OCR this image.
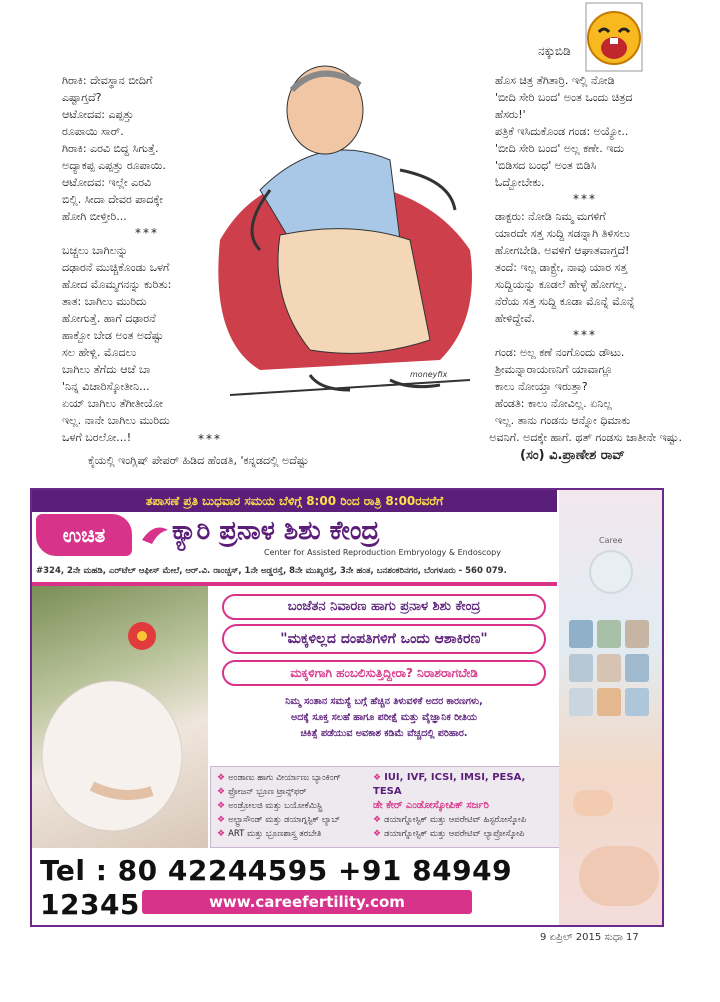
ನಕ್ಕುಬಿಡಿ
moneyfix

ಗಿರಾಕಿ: ದೇವಸ್ಥಾನ ಬೀದಿಗೆ

ಎಷ್ಟಾಗ್ತದೆ?

ಆಟೋದವ: ಎಪ್ಪತ್ತು

ರೂಪಾಯಿ ಸಾರ್.

ಗಿರಾಕಿ: ಎರವಿ ಬಿದ್ದ ಸಿಗುತ್ತೆ.

ಅದ್ಯಾಕಪ್ಪ ಎಪ್ಪತ್ತು ರೂಪಾಯಿ.

ಆಟೋದವ: ಇಲ್ಲೇ ಎರವಿ

ಬಿಲ್ಲಿ. ಸೀದಾ ದೇವರ ಪಾದಕ್ಕೇ

ಹೋಗಿ ಬೀಳ್ತೀರಿ...

***

ಬಚ್ಚಲು ಬಾಗಿಲನ್ನು

ದಢಾರನೆ ಮುಚ್ಚಿಕೊಂಡು ಒಳಗೆ

ಹೋದ ಮೊಮ್ಮಗನನ್ನು ಕುರಿತು:

ತಾತ: ಬಾಗಿಲು ಮುರಿದು

ಹೋಗುತ್ತೆ. ಹಾಗೆ ದಢಾರನೆ

ಹಾಕ್ಬೋ ಬೇಡ ಅಂತ ಅದೆಷ್ಟು

ಸಲ ಹೇಳ್ಲಿ. ಮೊದಲು

ಬಾಗಿಲು ತೆಗೆದು ಆಚೆ ಬಾ

'ನಿನ್ನ ವಿಚಾರಿಸ್ಕೋತೀನಿ...

ಏಯ್ ಬಾಗಿಲು ತೆಗೀತೀಯೋ

ಇಲ್ಲ. ನಾನೇ ಬಾಗಿಲು ಮುರಿದು

ಒಳಗೆ ಬರಲೋ...!	***
ಕೈಯಲ್ಲಿ ಇಂಗ್ಲಿಷ್ ಪೇಪರ್ ಹಿಡಿದ ಹೆಂಡತಿ, 'ಕನ್ನಡದಲ್ಲಿ ಅದೆಷ್ಟು

ಹೊಸ ಚಿತ್ರ ತೆಗಿತಾರ್ರಿ. ಇಲ್ಲಿ ನೋಡಿ

'ಬೀದಿ ಸೇರಿ ಬಂದ' ಅಂತ ಒಂದು ಚಿತ್ರದ

ಹೆಸರು!'

ಪತ್ರಿಕೆ ಇಸಿದುಕೊಂಡ ಗಂಡ: ಅಯ್ಯೋ..

'ಬೀದಿ ಸೇರಿ ಬಂದ' ಅಲ್ಲ ಕಣೇ. ಇದು

'ಬಿಡಿಸದ ಬಂಧ' ಅಂತ ಬಿಡಿಸಿ

ಓದ್ಬೋಬೇಕು.

***

ಡಾಕ್ಟರು: ನೋಡಿ ನಿಮ್ಮ ಮಗಳಿಗೆ

ಯಾರದೇ ಸತ್ತ ಸುದ್ದಿ ಸಡನ್ನಾಗಿ ತಿಳಿಸಲು

ಹೋಗಬೇಡಿ. ಅವಳಿಗೆ ಆಘಾತವಾಗ್ತದೆ!

ತಂದೆ: ಇಲ್ಲ ಡಾಕ್ಟ್ರೇ, ನಾವು ಯಾರ ಸತ್ತ

ಸುದ್ದಿಯನ್ನು ಕೂಡಲೆ ಹೇಳ್ಳೆ ಹೋಗಲ್ಲ.

ನೆರೆಯ ಸತ್ತ ಸುದ್ದಿ ಕೂಡಾ ಮೊನ್ನೆ ಮೊನ್ನೆ

ಹೇಳಿದ್ದೇವೆ.

***

ಗಂಡ: ಅಲ್ಲ ಕಣೆ ನಂಗೊಂದು ಡೌಟು.

ಶ್ರೀಮನ್ನಾರಾಯಣನಿಗೆ ಯಾವಾಗ್ಲೂ

ಕಾಲು ನೋಯ್ತಾ ಇರುತ್ತಾ?

ಹೆಂಡತಿ: ಕಾಲು ನೋವಿಲ್ಲ. ಏನಿಲ್ಲ

ಇಲ್ಲ. ತಾನು ಗಂಡನು ಆನ್ನೋ ಧಿಮಾಕು

ಅವನಿಗೆ. ಅದಕ್ಕೇ ಹಾಗೆ. ಥತ್ ಗಂಡಸು ಜಾತೀನೇ ಇಷ್ಟು.
(ಸಂ) ವಿ.ಪ್ರಾಣೇಶ ರಾವ್
ತಪಾಸಣೆ ಪ್ರತಿ ಬುಧವಾರ ಸಮಯ ಬೆಳಿಗ್ಗೆ 8:00 ರಿಂದ ರಾತ್ರಿ 8:00ರವರೆಗೆ
ಉಚಿತ	ಕ್ಯಾರಿ ಪ್ರನಾಳ ಶಿಶು ಕೇಂದ್ರ
Center for Assisted Reproduction Embryology & Endoscopy
#324, 2ನೇ ಮಹಡಿ, ಎರ್‌ಟೆಲ್ ಆಫೀಸ್ ಮೇಲೆ, ಆರ್.ವಿ. ರಾಂಚ್ಚಸ್, 1ನೇ ಅಡ್ಡರಸ್ತೆ, 8ನೇ ಮುಖ್ಯರಸ್ತೆ, 3ನೇ ಹಂತ, ಬನಶಂಕರಿನಗರ, ಬೆಂಗಳೂರು - 560 079.
ಬಂಜೆತನ ನಿವಾರಣ ಹಾಗು ಪ್ರನಾಳ ಶಿಶು ಕೇಂದ್ರ
"ಮಕ್ಕಳಿಲ್ಲದ ದಂಪತಿಗಳಿಗೆ ಒಂದು ಆಶಾಕಿರಣ"
ಮಕ್ಕಳಿಗಾಗಿ ಹಂಬಲಿಸುತ್ತಿದ್ದೀರಾ? ನಿರಾಶರಾಗಬೇಡಿ
ನಿಮ್ಮ ಸಂತಾನ ಸಮಸ್ಯೆ ಬಗ್ಗೆ ಹೆಚ್ಚಿನ ತಿಳುವಳಿಕೆ ಅದರ ಕಾರಣಗಳು,
ಅದಕ್ಕೆ ಸೂಕ್ತ ಸಲಹೆ ಹಾಗೂ ಪರೀಕ್ಷೆ ಮತ್ತು ವೈಜ್ಞಾನಿಕ ರೀತಿಯ
ಚಿಕಿತ್ಸೆ ಪಡೆಯುವ ಅವಕಾಶ ಕಡಿಮೆ ವೆಚ್ಚದಲ್ಲಿ ಪರಿಹಾರ.
❖ ಅಂಡಾಣು ಹಾಗು ವೀರ್ಯಾಣು ಬ್ಯಾಂಕಿಂಗ್
❖ ಫ್ರೋಜನ್ ಭ್ರೂಣ ಟ್ರಾನ್ಸ್‌ಫರ್
❖ ಅಂಡ್ರೋಲಜಿ ಮತ್ತು ಬಯೋಕೆಮಿಸ್ಟ್ರಿ
❖ ಅಲ್ಟ್ರಾಸೌಂಡ್ ಮತ್ತು ಡಯಾಗ್ನಸ್ಟಿಕ್ ಲ್ಯಾಬ್
❖ ART ಮತ್ತು ಭ್ರೂಣಶಾಸ್ತ್ರ ತರಬೇತಿ
❖ IUI, IVF, ICSI, IMSI, PESA, TESA
ಡೇ ಕೇರ್ ಎಂಡೋಸ್ಕೋಪಿಕ್ ಸರ್ಜರಿ
❖ ಡಯಾಗ್ನೋಸ್ಟಿಕ್ ಮತ್ತು ಆಪರೇಟಿವ್ ಹಿಸ್ಟರೋಸ್ಕೋಪಿ
❖ ಡಯಾಗ್ನೋಸ್ಟಿಕ್ ಮತ್ತು ಆಪರೇಟಿವ್ ಲ್ಯಾಪ್ರೋಸ್ಕೋಪಿ
Tel : 80 42244595 +91 84949 12345	www.careefertility.com
Caree
9 ಏಪ್ರಿಲ್ 2015 ಸುಧಾ 17
